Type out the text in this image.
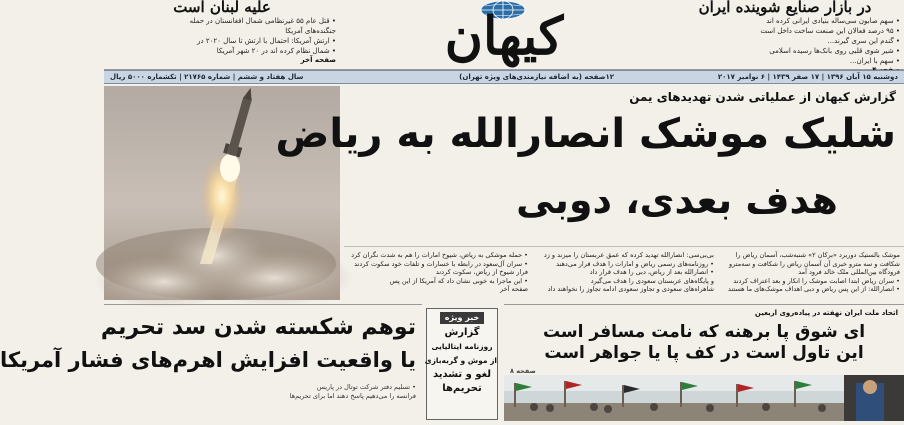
در بازار صنایع شوینده ایران
• سهم صابون سی‌ساله بنیادی ایرانی کرده اند
• ۹۵ درصد فعالان این صنعت ساخت داخل است
• گندم این سری گیرند...
• شیر شوی قلبی روی بانک‌ها رسیده اسلامی
• سهم با ایران...
کیهان
علیه لبنان است
• قتل عام ۵۵ غیرنظامی شمال افغانستان در حمله
جنگنده‌های آمریکا
• ارتش آمریکا: احتمال با ارتش تا سال ۲۰۲۰ در
• شمال نظام کرده اند در ۲۰ شهر آمریکا
صفحه آخر
دوشنبه ۱۵ آبان ۱۳۹۶ | ۱۷ صفر ۱۴۳۹ | ۶ نوامبر ۲۰۱۷
۱۲صفحه (به اضافه نیازمندی‌های ویژه تهران)
سال هفتاد و ششم | شماره ۲۱۷۶۵ | تکشماره ۵۰۰۰ ریال
گزارش کیهان از عملیاتی شدن تهدیدهای یمن
شلیک موشک انصارالله به ریاض
هدف بعدی، دوبی
موشک بالستیک دوربرد «برکان ۲» شنبه‌شب، آسمان ریاض را
شکافت و سه مترو خبری آن آسمان ریاض را شکافت و سه‌مترو
فرودگاه بین‌المللی ملک خالد فرود آمد
• سران ریاض ابتدا اصابت موشک را انکار و بعد اعتراف کردند
• انصارالله: از این پس ریاض و دبی اهداف موشک‌های ما هستند
بی‌بی‌سی: انصارالله تهدید کرده که عمق عربستان را میزند و زد
• روزنامه‌های رسمی ریاض و امارات را هدف قرار می‌دهند
• انصارالله بعد از ریاض، دبی را هدف قرار داد
و پایگاه‌های عربستان سعودی را هدف می‌گیرد
شاهراه‌های سعودی و تجاوز سعودی ادامه تجاوز را نخواهند داد
• حمله موشکی به ریاض، شیوخ امارات را هم به شدت نگران کرد
• سران آل‌سعود در رابطه با خسارات و تلفات خود سکوت کردند
فرار شیوخ از ریاض، سکوت کردند
• این ماجرا به خوبی نشان داد که آمریکا از این پس
صفحه آخر
توهم شکسته شدن سد تحریم
یا واقعیت افزایش اهرم‌های فشار آمریکا
• تسلیم دفتر شرکت توتال در پاریس
فرانسه را می‌دهیم پاسخ دهند اما برای تحریم‌ها
خبر ویژه
گزارش
روزنامه ایتالیایی
از موش و گربه‌بازی
لغو و تشدید
تحریم‌ها
اتحاد ملت ایران نهفته در پیاده‌روی اربعین
ای شوق پا برهنه که نامت مسافر است
این تاول است در کف پا یا جواهر است
صفحه ۸
